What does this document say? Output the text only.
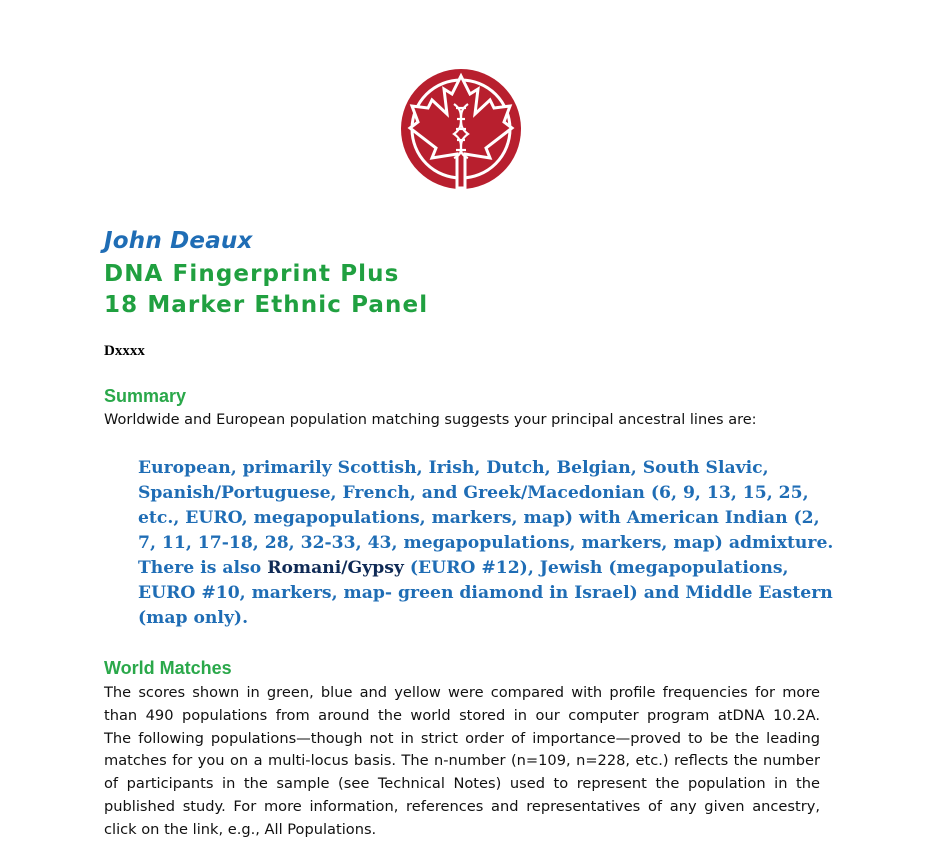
John Deaux
DNA Fingerprint Plus
18 Marker Ethnic Panel

Dxxxx

Summary

Worldwide and European population matching suggests your principal ancestral lines are:

European, primarily Scottish, Irish, Dutch, Belgian, South Slavic, Spanish/Portuguese, French, and Greek/Macedonian (6, 9, 13, 15, 25, etc., EURO, megapopulations, markers, map) with American Indian (2, 7, 11, 17-18, 28, 32-33, 43, megapopulations, markers, map) admixture. There is also Romani/Gypsy (EURO #12), Jewish (megapopulations, EURO #10, markers, map- green diamond in Israel) and Middle Eastern (map only).

World Matches
The scores shown in green, blue and yellow were compared with profile frequencies for more
than 490 populations from around the world stored in our computer program atDNA 10.2A.
The following populations—though not in strict order of importance—proved to be the leading
matches for you on a multi-locus basis. The n-number (n=109, n=228, etc.) reflects the number
of participants in the sample (see Technical Notes) used to represent the population in the
published study. For more information, references and representatives of any given ancestry,
click on the link, e.g., All Populations.
